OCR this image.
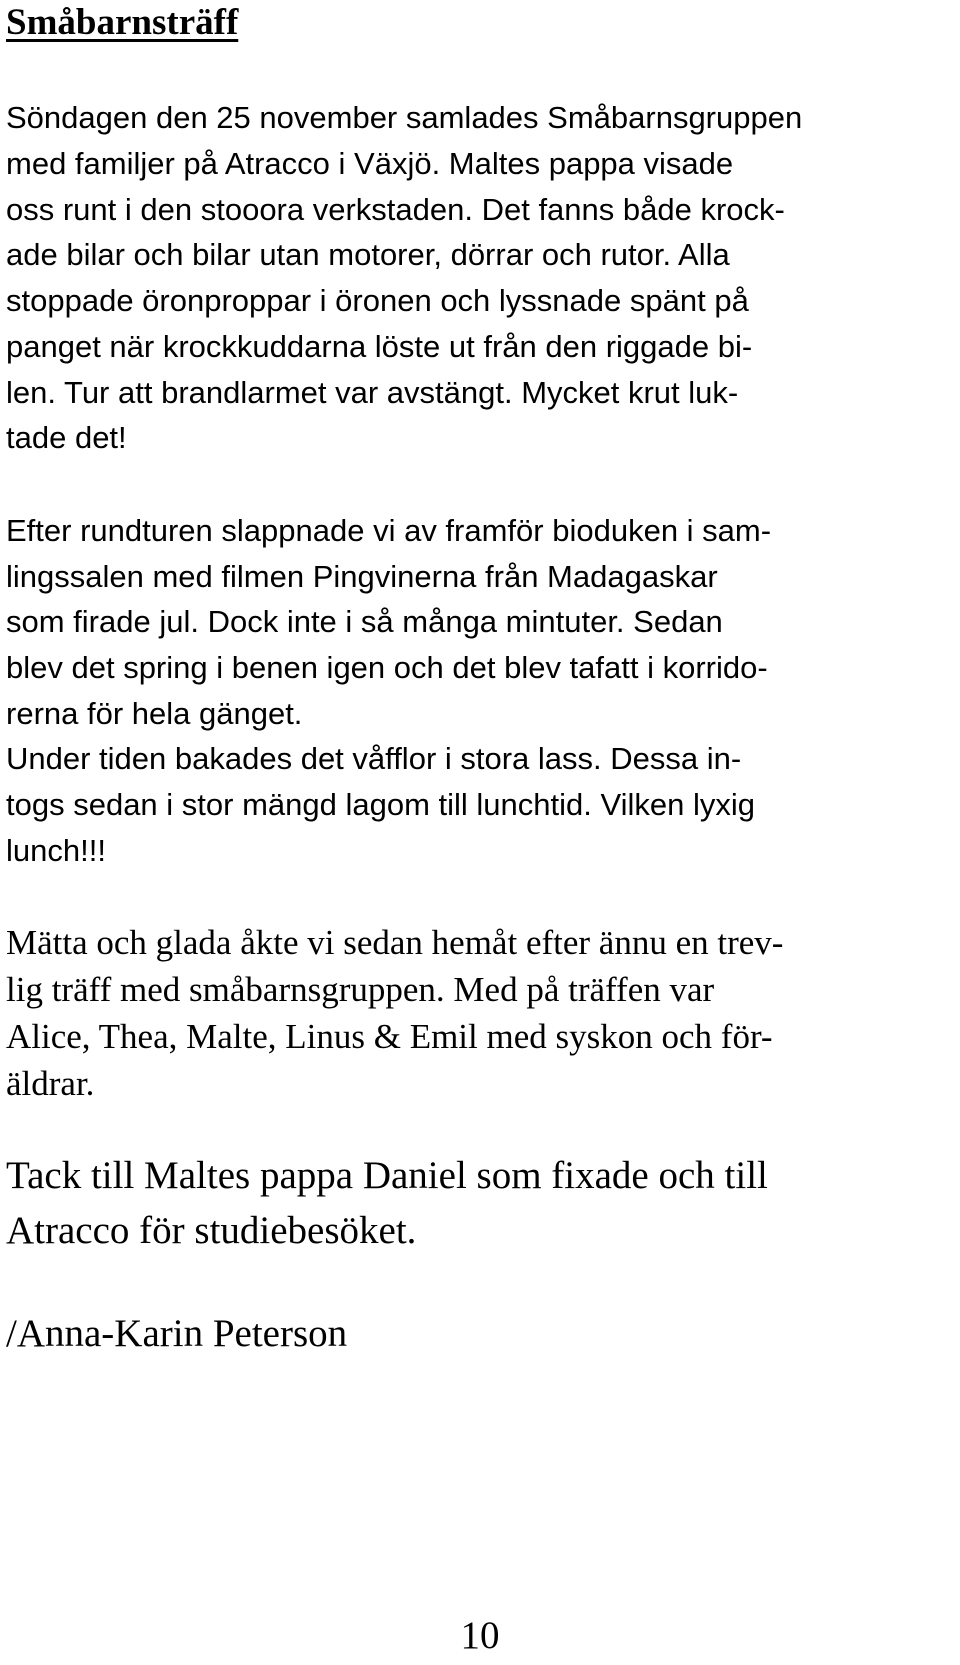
Småbarnsträff
Söndagen den 25 november samlades Småbarnsgruppen
med familjer på Atracco i Växjö. Maltes pappa visade
oss runt i den stooora verkstaden. Det fanns både krock-
ade bilar och bilar utan motorer, dörrar och rutor. Alla
stoppade öronproppar i öronen och lyssnade spänt på
panget när krockkuddarna löste ut från den riggade bi-
len. Tur att brandlarmet var avstängt. Mycket krut luk-
tade det!
Efter rundturen slappnade vi av framför bioduken i sam-
lingssalen med filmen Pingvinerna från Madagaskar
som firade jul. Dock inte i så många mintuter. Sedan
blev det spring i benen igen och det blev tafatt i korrido-
rerna för hela gänget.
Under tiden bakades det våfflor i stora lass. Dessa in-
togs sedan i stor mängd lagom till lunchtid. Vilken lyxig
lunch!!!
Mätta och glada åkte vi sedan hemåt efter ännu en trev-
lig träff med småbarnsgruppen. Med på träffen var
Alice, Thea, Malte, Linus & Emil med syskon och för-
äldrar.
Tack till Maltes pappa Daniel som fixade och till
Atracco för studiebesöket.
/Anna-Karin Peterson
10
